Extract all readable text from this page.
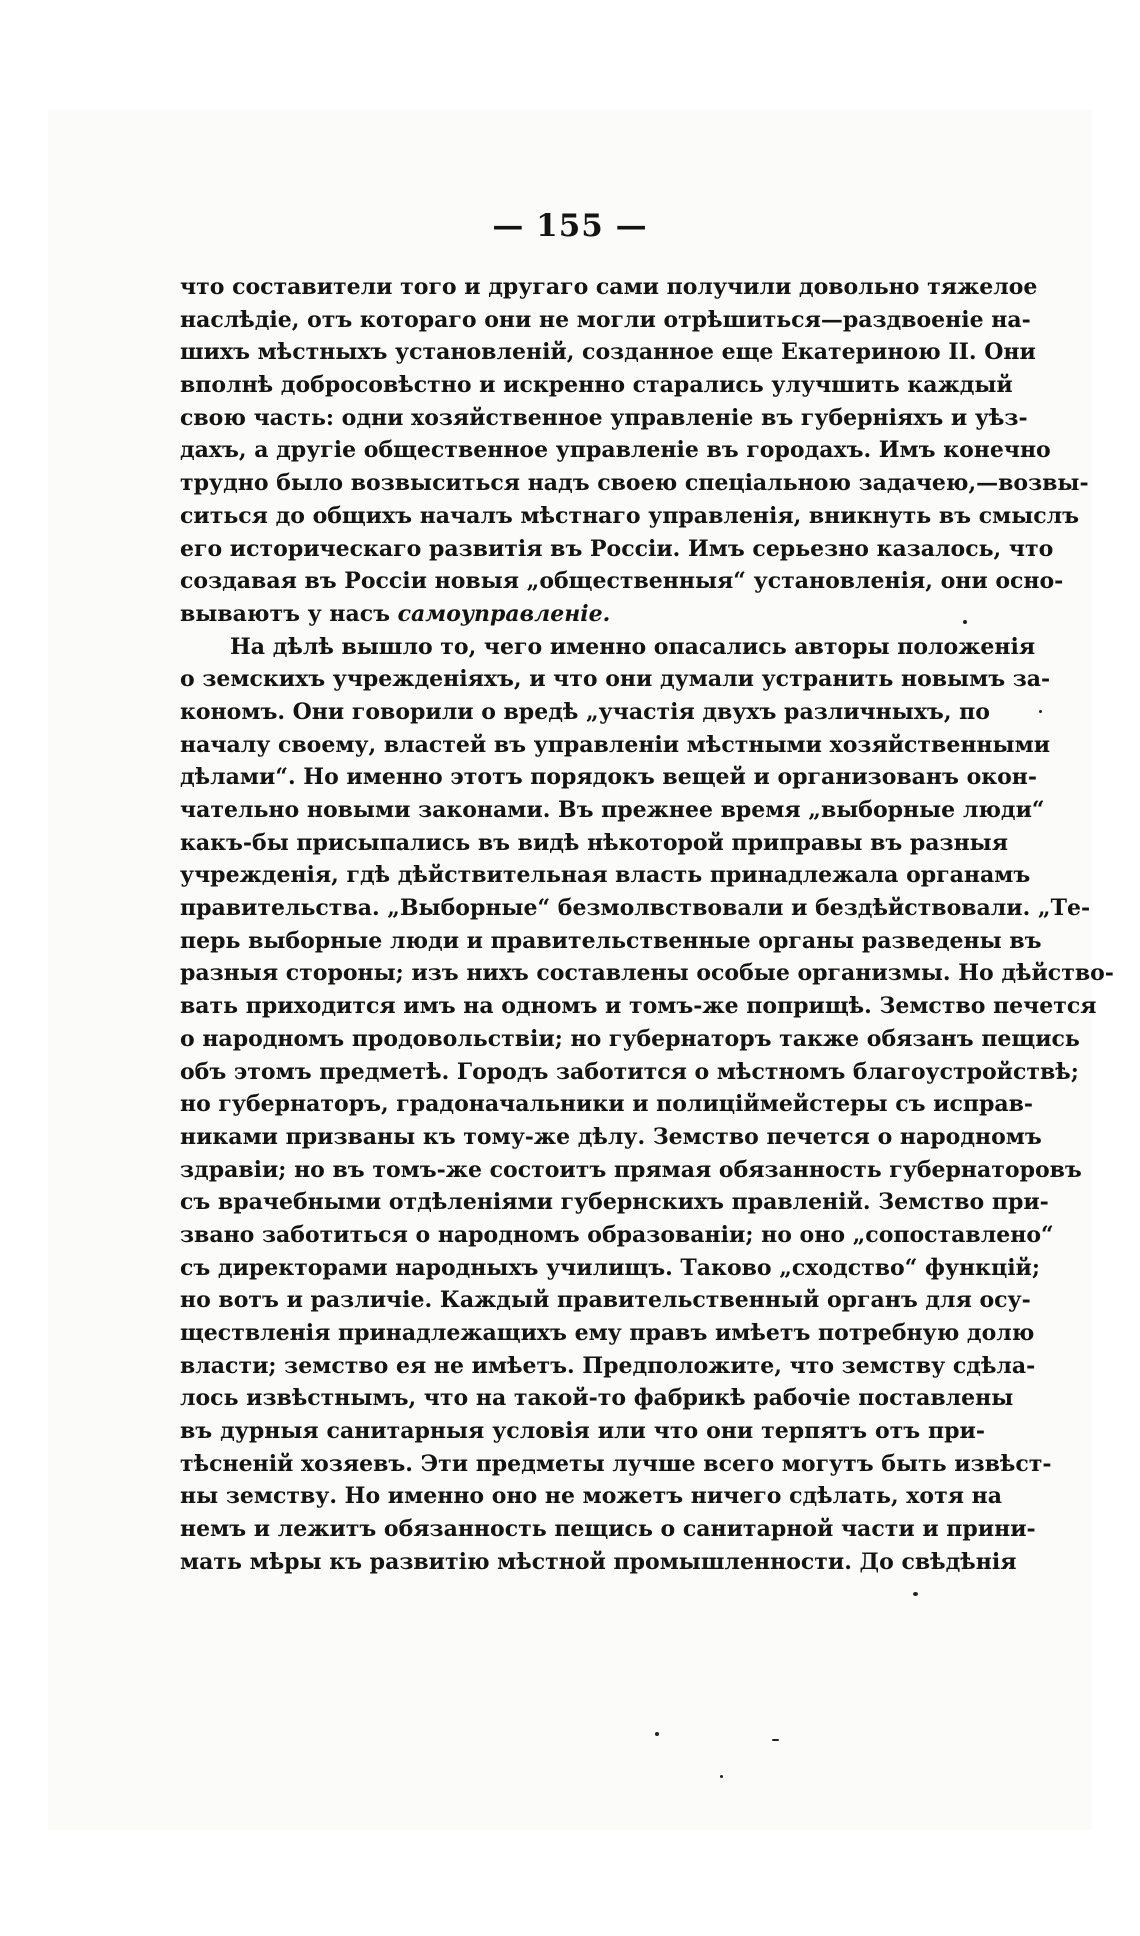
— 155 —
что составители того и другаго сами получили довольно тяжелое
наслѣдіе, отъ котораго они не могли отрѣшиться—раздвоеніе на-
шихъ мѣстныхъ установленій, созданное еще Екатериною II. Они
вполнѣ добросовѣстно и искренно старались улучшить каждый
свою часть: одни хозяйственное управленіе въ губерніяхъ и уѣз-
дахъ, а другіе общественное управленіе въ городахъ. Имъ конечно
трудно было возвыситься надъ своею спеціальною задачею,—возвы-
ситься до общихъ началъ мѣстнаго управленія, вникнуть въ смыслъ
его историческаго развитія въ Россіи. Имъ серьезно казалось, что
создавая въ Россіи новыя „общественныя“ установленія, они осно-
вываютъ у насъ самоуправленіе.
На дѣлѣ вышло то, чего именно опасались авторы положенія
о земскихъ учрежденіяхъ, и что они думали устранить новымъ за-
кономъ. Они говорили о вредѣ „участія двухъ различныхъ, по
началу своему, властей въ управленіи мѣстными хозяйственными
дѣлами“. Но именно этотъ порядокъ вещей и организованъ окон-
чательно новыми законами. Въ прежнее время „выборные люди“
какъ-бы присыпались въ видѣ нѣкоторой приправы въ разныя
учрежденія, гдѣ дѣйствительная власть принадлежала органамъ
правительства. „Выборные“ безмолвствовали и бездѣйствовали. „Те-
перь выборные люди и правительственные органы разведены въ
разныя стороны; изъ нихъ составлены особые организмы. Но дѣйство-
вать приходится имъ на одномъ и томъ-же поприщѣ. Земство печется
о народномъ продовольствіи; но губернаторъ также обязанъ пещись
объ этомъ предметѣ. Городъ заботится о мѣстномъ благоустройствѣ;
но губернаторъ, градоначальники и полицiймейстеры съ исправ-
никами призваны къ тому-же дѣлу. Земство печется о народномъ
здравіи; но въ томъ-же состоитъ прямая обязанность губернаторовъ
съ врачебными отдѣленіями губернскихъ правленій. Земство при-
звано заботиться о народномъ образованіи; но оно „сопоставлено“
съ директорами народныхъ училищъ. Таково „сходство“ функцій;
но вотъ и различіе. Каждый правительственный органъ для осу-
ществленія принадлежащихъ ему правъ имѣетъ потребную долю
власти; земство ея не имѣетъ. Предположите, что земству сдѣла-
лось извѣстнымъ, что на такой-то фабрикѣ рабочіе поставлены
въ дурныя санитарныя условія или что они терпятъ отъ при-
тѣсненій хозяевъ. Эти предметы лучше всего могутъ быть извѣст-
ны земству. Но именно оно не можетъ ничего сдѣлать, хотя на
немъ и лежитъ обязанность пещись о санитарной части и прини-
мать мѣры къ развитію мѣстной промышленности. До свѣдѣнія
